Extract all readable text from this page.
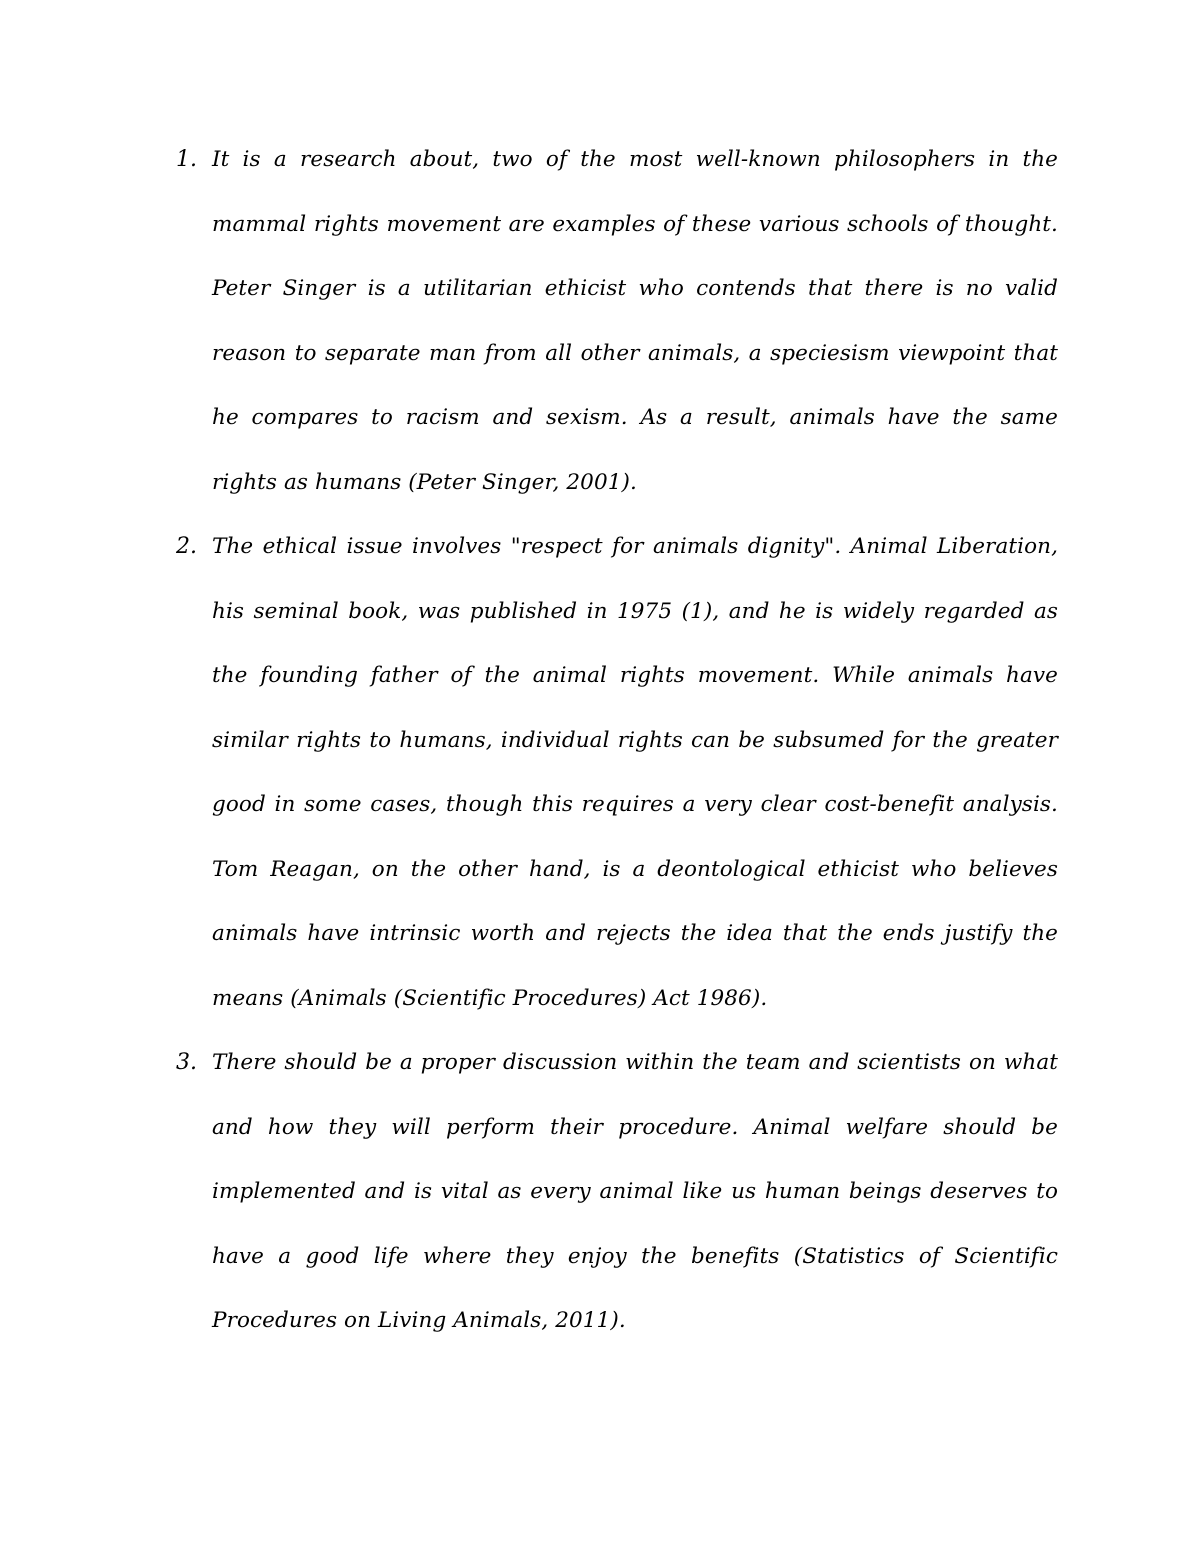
1. It is a research about, two of the most well-known philosophers in the mammal rights movement are examples of these various schools of thought. Peter Singer is a utilitarian ethicist who contends that there is no valid reason to separate man from all other animals, a speciesism viewpoint that he compares to racism and sexism. As a result, animals have the same rights as humans (Peter Singer, 2001).
2. The ethical issue involves "respect for animals dignity". Animal Liberation, his seminal book, was published in 1975 (1), and he is widely regarded as the founding father of the animal rights movement. While animals have similar rights to humans, individual rights can be subsumed for the greater good in some cases, though this requires a very clear cost-benefit analysis. Tom Reagan, on the other hand, is a deontological ethicist who believes animals have intrinsic worth and rejects the idea that the ends justify the means (Animals (Scientific Procedures) Act 1986).
3. There should be a proper discussion within the team and scientists on what and how they will perform their procedure. Animal welfare should be implemented and is vital as every animal like us human beings deserves to have a good life where they enjoy the benefits (Statistics of Scientific Procedures on Living Animals, 2011).
